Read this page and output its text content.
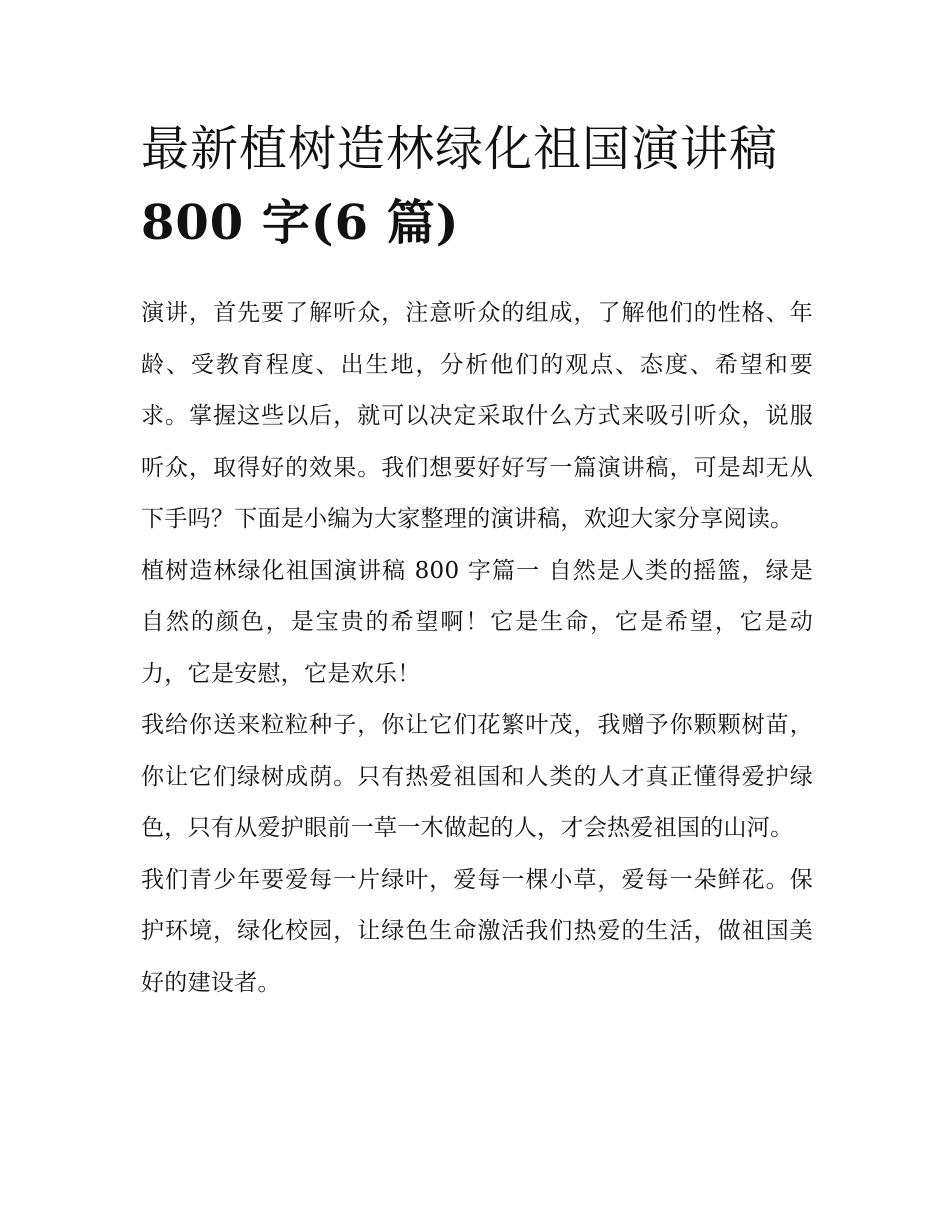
最新植树造林绿化祖国演讲稿
800 字(6 篇)

演讲，首先要了解听众，注意听众的组成，了解他们的性格、年龄、受教育程度、出生地，分析他们的观点、态度、希望和要求。掌握这些以后，就可以决定采取什么方式来吸引听众，说服听众，取得好的效果。我们想要好好写一篇演讲稿，可是却无从下手吗？下面是小编为大家整理的演讲稿，欢迎大家分享阅读。

植树造林绿化祖国演讲稿 800 字篇一 自然是人类的摇篮，绿是自然的颜色，是宝贵的希望啊！它是生命，它是希望，它是动力，它是安慰，它是欢乐！

我给你送来粒粒种子，你让它们花繁叶茂，我赠予你颗颗树苗，你让它们绿树成荫。只有热爱祖国和人类的人才真正懂得爱护绿色，只有从爱护眼前一草一木做起的人，才会热爱祖国的山河。

我们青少年要爱每一片绿叶，爱每一棵小草，爱每一朵鲜花。保护环境，绿化校园，让绿色生命激活我们热爱的生活，做祖国美好的建设者。
